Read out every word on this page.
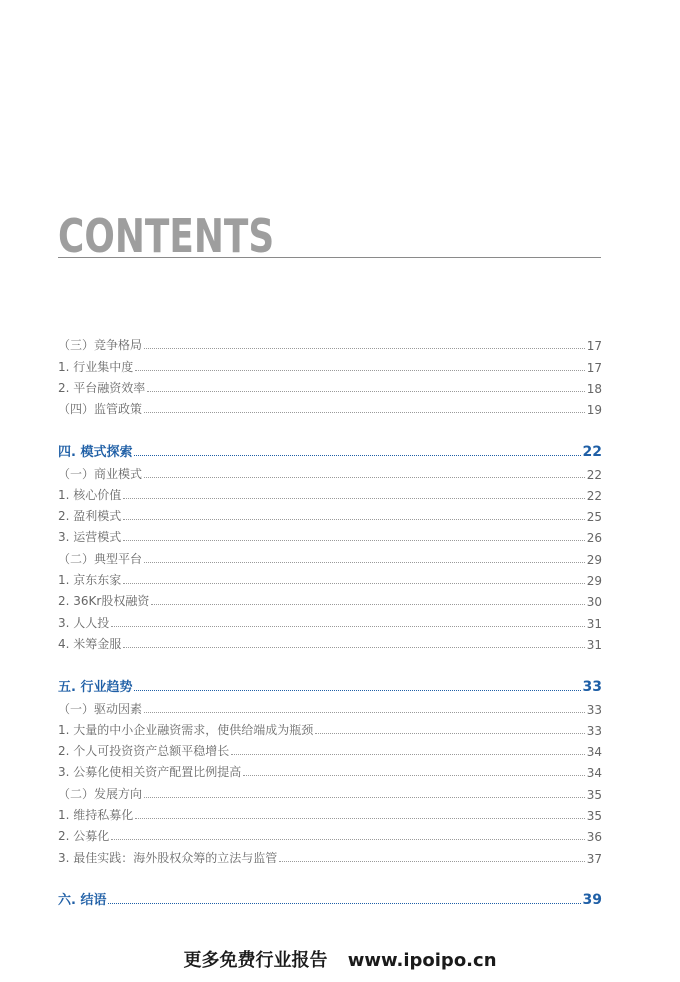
CONTENTS
（三）竞争格局	17
1. 行业集中度	17
2. 平台融资效率	18
（四）监管政策	19
四. 模式探索	22
（一）商业模式	22
1. 核心价值	22
2. 盈利模式	25
3. 运营模式	26
（二）典型平台	29
1. 京东东家	29
2. 36Kr股权融资	30
3. 人人投	31
4. 米筹金服	31
五. 行业趋势	33
（一）驱动因素	33
1. 大量的中小企业融资需求，使供给端成为瓶颈	33
2. 个人可投资资产总额平稳增长	34
3. 公募化使相关资产配置比例提高	34
（二）发展方向	35
1. 维持私募化	35
2. 公募化	36
3. 最佳实践：海外股权众筹的立法与监管	37
六. 结语	39
更多免费行业报告 www.ipoipo.cn
